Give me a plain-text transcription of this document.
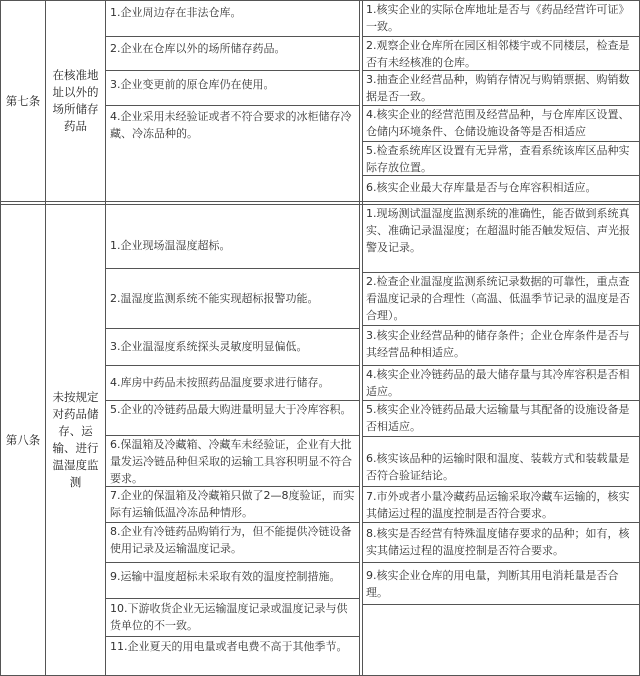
第七条
在核准地址以外的场所储存药品
1.企业周边存在非法仓库。
2.企业在仓库以外的场所储存药品。
3.企业变更前的原仓库仍在使用。
4.企业采用未经验证或者不符合要求的冰柜储存冷藏、冷冻品种的。
1.核实企业的实际仓库地址是否与《药品经营许可证》一致。
2.观察企业仓库所在园区相邻楼宇或不同楼层，检查是否有未经核准的仓库。
3.抽查企业经营品种，购销存情况与购销票据、购销数据是否一致。
4.核实企业的经营范围及经营品种，与仓库库区设置、仓储内环境条件、仓储设施设备等是否相适应
5.检查系统库区设置有无异常，查看系统该库区品种实际存放位置。
6.核实企业最大存库量是否与仓库容积相适应。
第八条
未按规定对药品储存、运输、进行温湿度监测
1.企业现场温湿度超标。
2.温湿度监测系统不能实现超标报警功能。
3.企业温湿度系统探头灵敏度明显偏低。
4.库房中药品未按照药品温度要求进行储存。
5.企业的冷链药品最大购进量明显大于冷库容积。
6.保温箱及冷藏箱、冷藏车未经验证，企业有大批量发运冷链品种但采取的运输工具容积明显不符合要求。
7.企业的保温箱及冷藏箱只做了2—8度验证，而实际有运输低温冷冻品种情形。
8.企业有冷链药品购销行为，但不能提供冷链设备使用记录及运输温度记录。
9.运输中温度超标未采取有效的温度控制措施。
10.下游收货企业无运输温度记录或温度记录与供货单位的不一致。
11.企业夏天的用电量或者电费不高于其他季节。
1.现场测试温湿度监测系统的准确性，能否做到系统真实、准确记录温湿度；在超温时能否触发短信、声光报警及记录。
2.检查企业温湿度监测系统记录数据的可靠性，重点查看温度记录的合理性（高温、低温季节记录的温度是否合理）。
3.核实企业经营品种的储存条件；企业仓库条件是否与其经营品种相适应。
4.核实企业冷链药品的最大储存量与其冷库容积是否相适应。
5.核实企业冷链药品最大运输量与其配备的设施设备是否相适应。
6.核实该品种的运输时限和温度、装载方式和装载量是否符合验证结论。
7.市外或者小量冷藏药品运输采取冷藏车运输的，核实其储运过程的温度控制是否符合要求。
8.核实是否经营有特殊温度储存要求的品种；如有，核实其储运过程的温度控制是否符合要求。
9.核实企业仓库的用电量，判断其用电消耗量是否合理。
